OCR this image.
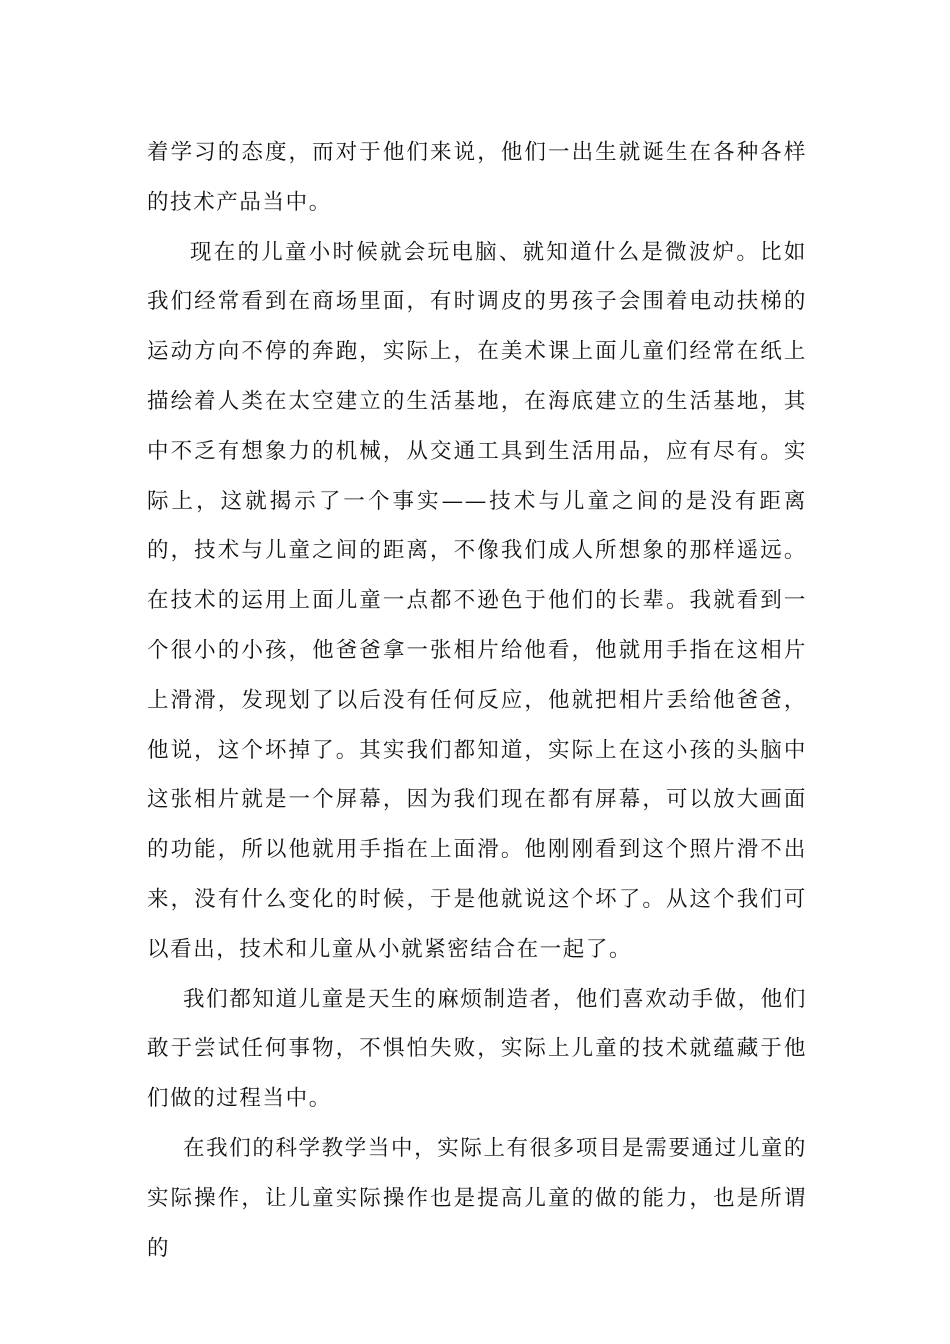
着学习的态度，而对于他们来说，他们一出生就诞生在各种各样的技术产品当中。

现在的儿童小时候就会玩电脑、就知道什么是微波炉。比如我们经常看到在商场里面，有时调皮的男孩子会围着电动扶梯的运动方向不停的奔跑，实际上，在美术课上面儿童们经常在纸上描绘着人类在太空建立的生活基地，在海底建立的生活基地，其中不乏有想象力的机械，从交通工具到生活用品，应有尽有。实际上，这就揭示了一个事实——技术与儿童之间的是没有距离的，技术与儿童之间的距离，不像我们成人所想象的那样遥远。在技术的运用上面儿童一点都不逊色于他们的长辈。我就看到一个很小的小孩，他爸爸拿一张相片给他看，他就用手指在这相片上滑滑，发现划了以后没有任何反应，他就把相片丢给他爸爸，他说，这个坏掉了。其实我们都知道，实际上在这小孩的头脑中这张相片就是一个屏幕，因为我们现在都有屏幕，可以放大画面的功能，所以他就用手指在上面滑。他刚刚看到这个照片滑不出来，没有什么变化的时候，于是他就说这个坏了。从这个我们可以看出，技术和儿童从小就紧密结合在一起了。

我们都知道儿童是天生的麻烦制造者，他们喜欢动手做，他们敢于尝试任何事物，不惧怕失败，实际上儿童的技术就蕴藏于他们做的过程当中。

在我们的科学教学当中，实际上有很多项目是需要通过儿童的实际操作，让儿童实际操作也是提高儿童的做的能力，也是所谓的
